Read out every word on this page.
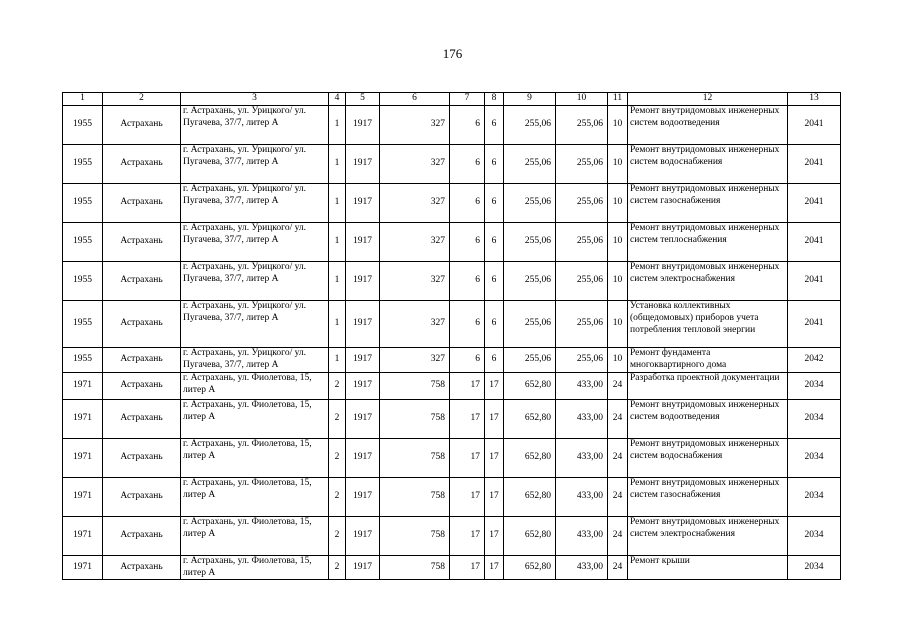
176
1	2	3	4	5	6	7	8	9	10	11	12	13
1955	Астрахань	г. Астрахань, ул. Урицкого/ ул. Пугачева, 37/7, литер А	1	1917	327	6	6	255,06	255,06	10	Ремонт внутридомовых инженерных систем водоотведения	2041
1955	Астрахань	г. Астрахань, ул. Урицкого/ ул. Пугачева, 37/7, литер А	1	1917	327	6	6	255,06	255,06	10	Ремонт внутридомовых инженерных систем водоснабжения	2041
1955	Астрахань	г. Астрахань, ул. Урицкого/ ул. Пугачева, 37/7, литер А	1	1917	327	6	6	255,06	255,06	10	Ремонт внутридомовых инженерных систем газоснабжения	2041
1955	Астрахань	г. Астрахань, ул. Урицкого/ ул. Пугачева, 37/7, литер А	1	1917	327	6	6	255,06	255,06	10	Ремонт внутридомовых инженерных систем теплоснабжения	2041
1955	Астрахань	г. Астрахань, ул. Урицкого/ ул. Пугачева, 37/7, литер А	1	1917	327	6	6	255,06	255,06	10	Ремонт внутридомовых инженерных систем электроснабжения	2041
1955	Астрахань	г. Астрахань, ул. Урицкого/ ул. Пугачева, 37/7, литер А	1	1917	327	6	6	255,06	255,06	10	Установка коллективных (общедомовых) приборов учета потребления тепловой энергии	2041
1955	Астрахань	г. Астрахань, ул. Урицкого/ ул. Пугачева, 37/7, литер А	1	1917	327	6	6	255,06	255,06	10	Ремонт фундамента многоквартирного дома	2042
1971	Астрахань	г. Астрахань, ул. Фиолетова, 15, литер А	2	1917	758	17	17	652,80	433,00	24	Разработка проектной документации	2034
1971	Астрахань	г. Астрахань, ул. Фиолетова, 15, литер А	2	1917	758	17	17	652,80	433,00	24	Ремонт внутридомовых инженерных систем водоотведения	2034
1971	Астрахань	г. Астрахань, ул. Фиолетова, 15, литер А	2	1917	758	17	17	652,80	433,00	24	Ремонт внутридомовых инженерных систем водоснабжения	2034
1971	Астрахань	г. Астрахань, ул. Фиолетова, 15, литер А	2	1917	758	17	17	652,80	433,00	24	Ремонт внутридомовых инженерных систем газоснабжения	2034
1971	Астрахань	г. Астрахань, ул. Фиолетова, 15, литер А	2	1917	758	17	17	652,80	433,00	24	Ремонт внутридомовых инженерных систем электроснабжения	2034
1971	Астрахань	г. Астрахань, ул. Фиолетова, 15, литер А	2	1917	758	17	17	652,80	433,00	24	Ремонт крыши	2034
